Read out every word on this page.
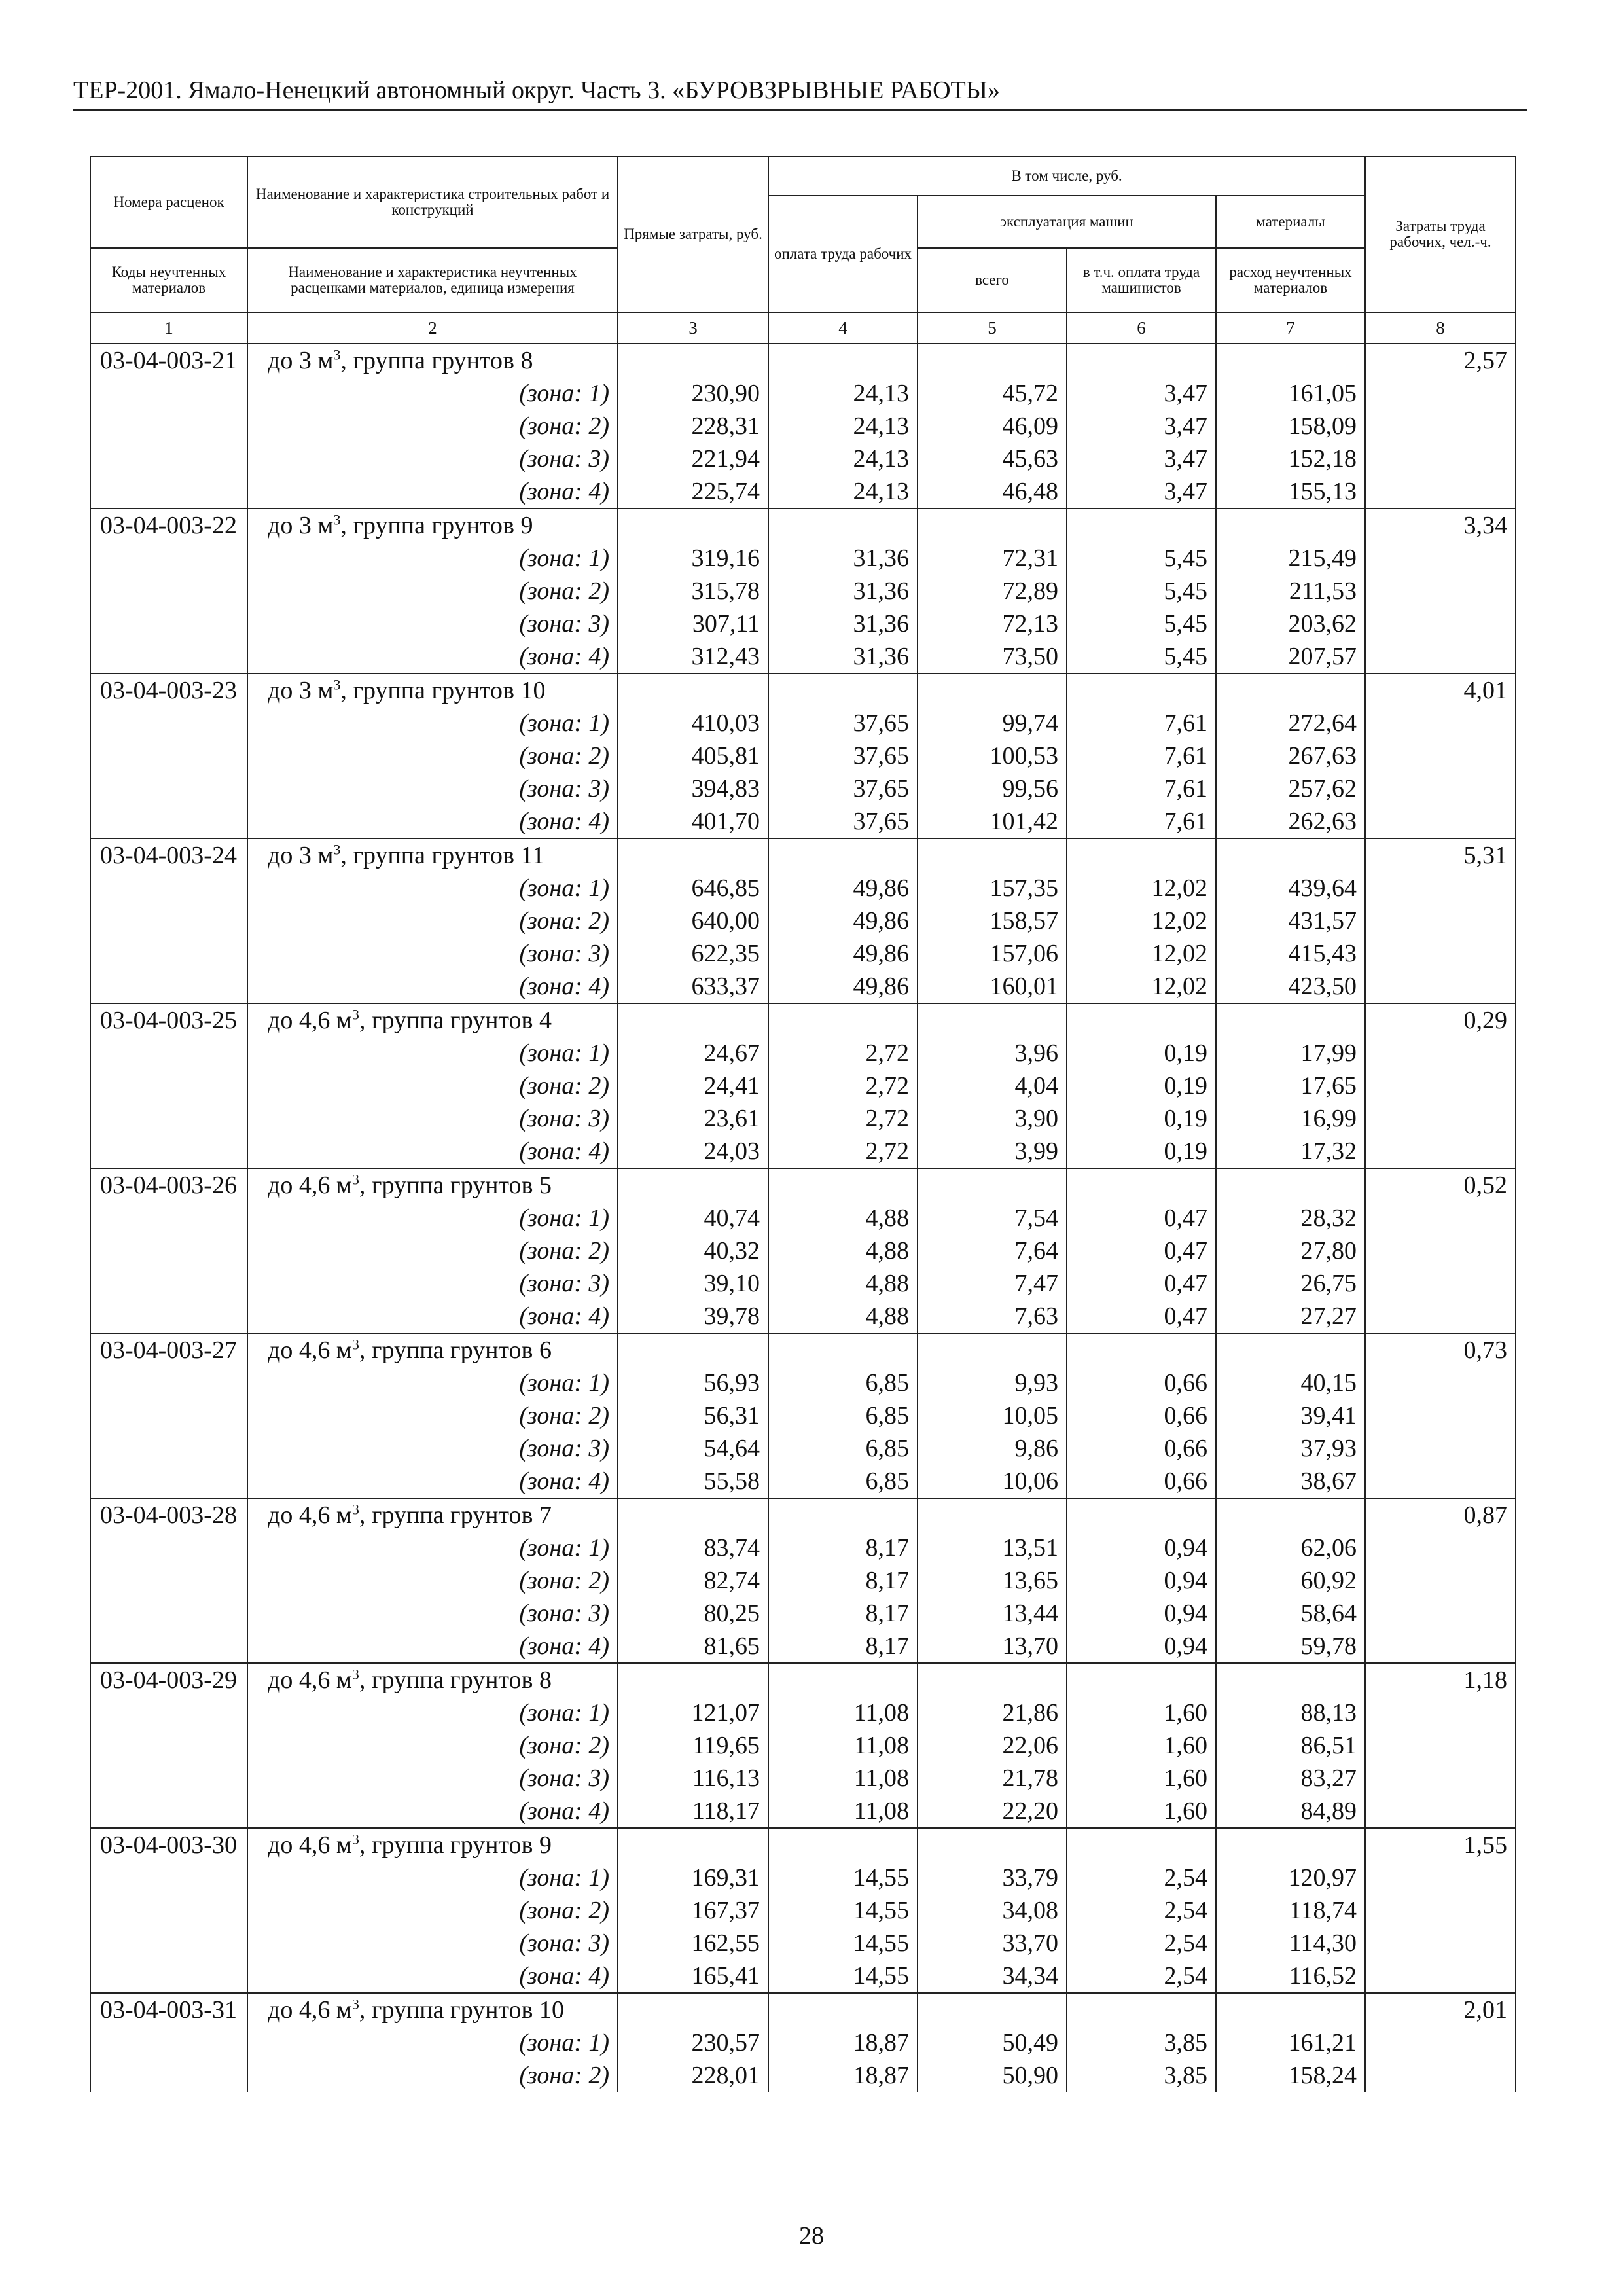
ТЕР-2001. Ямало-Ненецкий автономный округ. Часть 3. «БУРОВЗРЫВНЫЕ РАБОТЫ»
Номера расценок	Наименование и характеристика строительных работ и конструкций	Прямые затраты, руб.	В том числе, руб.				Затраты труда рабочих, чел.-ч.
			оплата труда рабочих	эксплуатация машин		материалы	
Коды неучтенных материалов	Наименование и характеристика неучтенных расценками материалов, единица измерения			всего	в т.ч. оплата труда машинистов	расход неучтенных материалов	
1	2	3	4	5	6	7	8
03-04-003-21	до 3 $м^3$, группа грунтов 8						2,57
	(зона: 1)	230,90	24,13	45,72	3,47	161,05	
	(зона: 2)	228,31	24,13	46,09	3,47	158,09	
	(зона: 3)	221,94	24,13	45,63	3,47	152,18	
	(зона: 4)	225,74	24,13	46,48	3,47	155,13	
03-04-003-22	до 3 $м^3$, группа грунтов 9						3,34
	(зона: 1)	319,16	31,36	72,31	5,45	215,49	
	(зона: 2)	315,78	31,36	72,89	5,45	211,53	
	(зона: 3)	307,11	31,36	72,13	5,45	203,62	
	(зона: 4)	312,43	31,36	73,50	5,45	207,57	
03-04-003-23	до 3 $м^3$, группа грунтов 10						4,01
	(зона: 1)	410,03	37,65	99,74	7,61	272,64	
	(зона: 2)	405,81	37,65	100,53	7,61	267,63	
	(зона: 3)	394,83	37,65	99,56	7,61	257,62	
	(зона: 4)	401,70	37,65	101,42	7,61	262,63	
03-04-003-24	до 3 $м^3$, группа грунтов 11						5,31
	(зона: 1)	646,85	49,86	157,35	12,02	439,64	
	(зона: 2)	640,00	49,86	158,57	12,02	431,57	
	(зона: 3)	622,35	49,86	157,06	12,02	415,43	
	(зона: 4)	633,37	49,86	160,01	12,02	423,50	
03-04-003-25	до 4,6 $м^3$, группа грунтов 4						0,29
	(зона: 1)	24,67	2,72	3,96	0,19	17,99	
	(зона: 2)	24,41	2,72	4,04	0,19	17,65	
	(зона: 3)	23,61	2,72	3,90	0,19	16,99	
	(зона: 4)	24,03	2,72	3,99	0,19	17,32	
03-04-003-26	до 4,6 $м^3$, группа грунтов 5						0,52
	(зона: 1)	40,74	4,88	7,54	0,47	28,32	
	(зона: 2)	40,32	4,88	7,64	0,47	27,80	
	(зона: 3)	39,10	4,88	7,47	0,47	26,75	
	(зона: 4)	39,78	4,88	7,63	0,47	27,27	
03-04-003-27	до 4,6 $м^3$, группа грунтов 6						0,73
	(зона: 1)	56,93	6,85	9,93	0,66	40,15	
	(зона: 2)	56,31	6,85	10,05	0,66	39,41	
	(зона: 3)	54,64	6,85	9,86	0,66	37,93	
	(зона: 4)	55,58	6,85	10,06	0,66	38,67	
03-04-003-28	до 4,6 $м^3$, группа грунтов 7						0,87
	(зона: 1)	83,74	8,17	13,51	0,94	62,06	
	(зона: 2)	82,74	8,17	13,65	0,94	60,92	
	(зона: 3)	80,25	8,17	13,44	0,94	58,64	
	(зона: 4)	81,65	8,17	13,70	0,94	59,78	
03-04-003-29	до 4,6 $м^3$, группа грунтов 8						1,18
	(зона: 1)	121,07	11,08	21,86	1,60	88,13	
	(зона: 2)	119,65	11,08	22,06	1,60	86,51	
	(зона: 3)	116,13	11,08	21,78	1,60	83,27	
	(зона: 4)	118,17	11,08	22,20	1,60	84,89	
03-04-003-30	до 4,6 $м^3$, группа грунтов 9						1,55
	(зона: 1)	169,31	14,55	33,79	2,54	120,97	
	(зона: 2)	167,37	14,55	34,08	2,54	118,74	
	(зона: 3)	162,55	14,55	33,70	2,54	114,30	
	(зона: 4)	165,41	14,55	34,34	2,54	116,52	
03-04-003-31	до 4,6 $м^3$, группа грунтов 10						2,01
	(зона: 1)	230,57	18,87	50,49	3,85	161,21	
	(зона: 2)	228,01	18,87	50,90	3,85	158,24	
28
